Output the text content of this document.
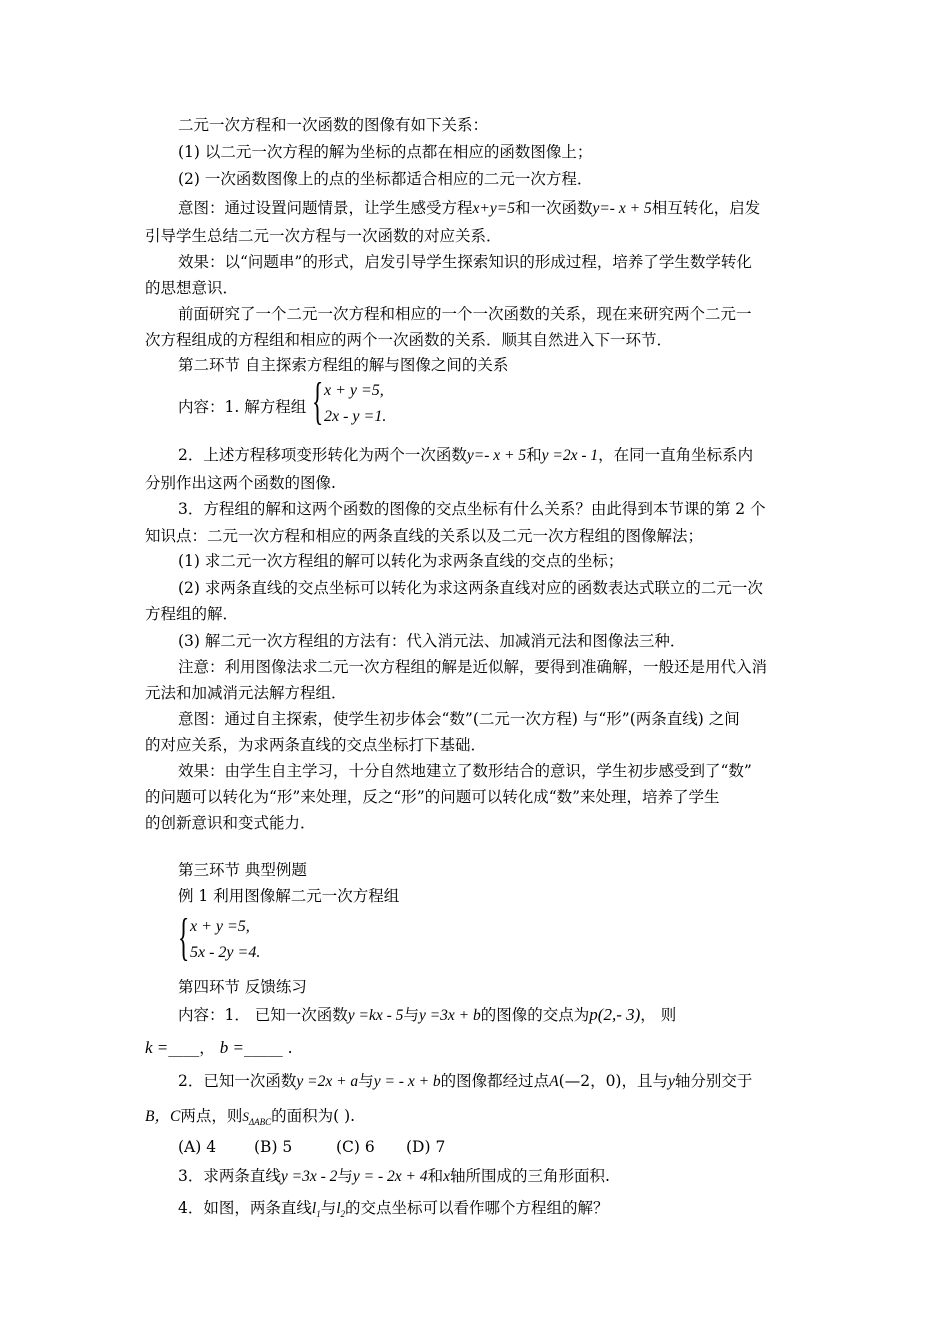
二元一次方程和一次函数的图像有如下关系：
(1) 以二元一次方程的解为坐标的点都在相应的函数图像上；
(2) 一次函数图像上的点的坐标都适合相应的二元一次方程．
意图：通过设置问题情景，让学生感受方程x+y=5和一次函数y=- x + 5相互转化，启发
引导学生总结二元一次方程与一次函数的对应关系．
效果：以“问题串”的形式，启发引导学生探索知识的形成过程，培养了学生数学转化
的思想意识．
前面研究了一个二元一次方程和相应的一个一次函数的关系，现在来研究两个二元一
次方程组成的方程组和相应的两个一次函数的关系．顺其自然进入下一环节．
第二环节 自主探索方程组的解与图像之间的关系
内容：1. 解方程组 { x + y =5,
2x - y =1.
2．上述方程移项变形转化为两个一次函数y=- x + 5和y =2x - 1，在同一直角坐标系内
分别作出这两个函数的图像.
3．方程组的解和这两个函数的图像的交点坐标有什么关系？由此得到本节课的第 2 个
知识点：二元一次方程和相应的两条直线的关系以及二元一次方程组的图像解法；
(1) 求二元一次方程组的解可以转化为求两条直线的交点的坐标；
(2) 求两条直线的交点坐标可以转化为求这两条直线对应的函数表达式联立的二元一次
方程组的解．
(3) 解二元一次方程组的方法有：代入消元法、加减消元法和图像法三种．
注意：利用图像法求二元一次方程组的解是近似解，要得到准确解，一般还是用代入消
元法和加减消元法解方程组．
意图：通过自主探索，使学生初步体会“数”(二元一次方程) 与“形”(两条直线) 之间
的对应关系，为求两条直线的交点坐标打下基础．
效果：由学生自主学习，十分自然地建立了数形结合的意识，学生初步感受到了“数”
的问题可以转化为“形”来处理，反之“形”的问题可以转化成“数”来处理，培养了学生
的创新意识和变式能力．
第三环节 典型例题
例 1 利用图像解二元一次方程组
{ x + y =5,
5x - 2y =4.
第四环节 反馈练习
内容：1． 已知一次函数y =kx - 5与y =3x + b的图像的交点为p(2,- 3)， 则
k =____， b =_____ .
2．已知一次函数y =2x + a与y = - x + b的图像都经过点A(—2，0)，且与y轴分别交于
B，C两点，则$S_{\Delta ABC}$的面积为( ).
(A) 4 (B) 5	(C) 6 (D) 7
3．求两条直线y =3x - 2与y = - 2x + 4和x轴所围成的三角形面积.
4．如图，两条直线$l_1$与$l_2$的交点坐标可以看作哪个方程组的解？
